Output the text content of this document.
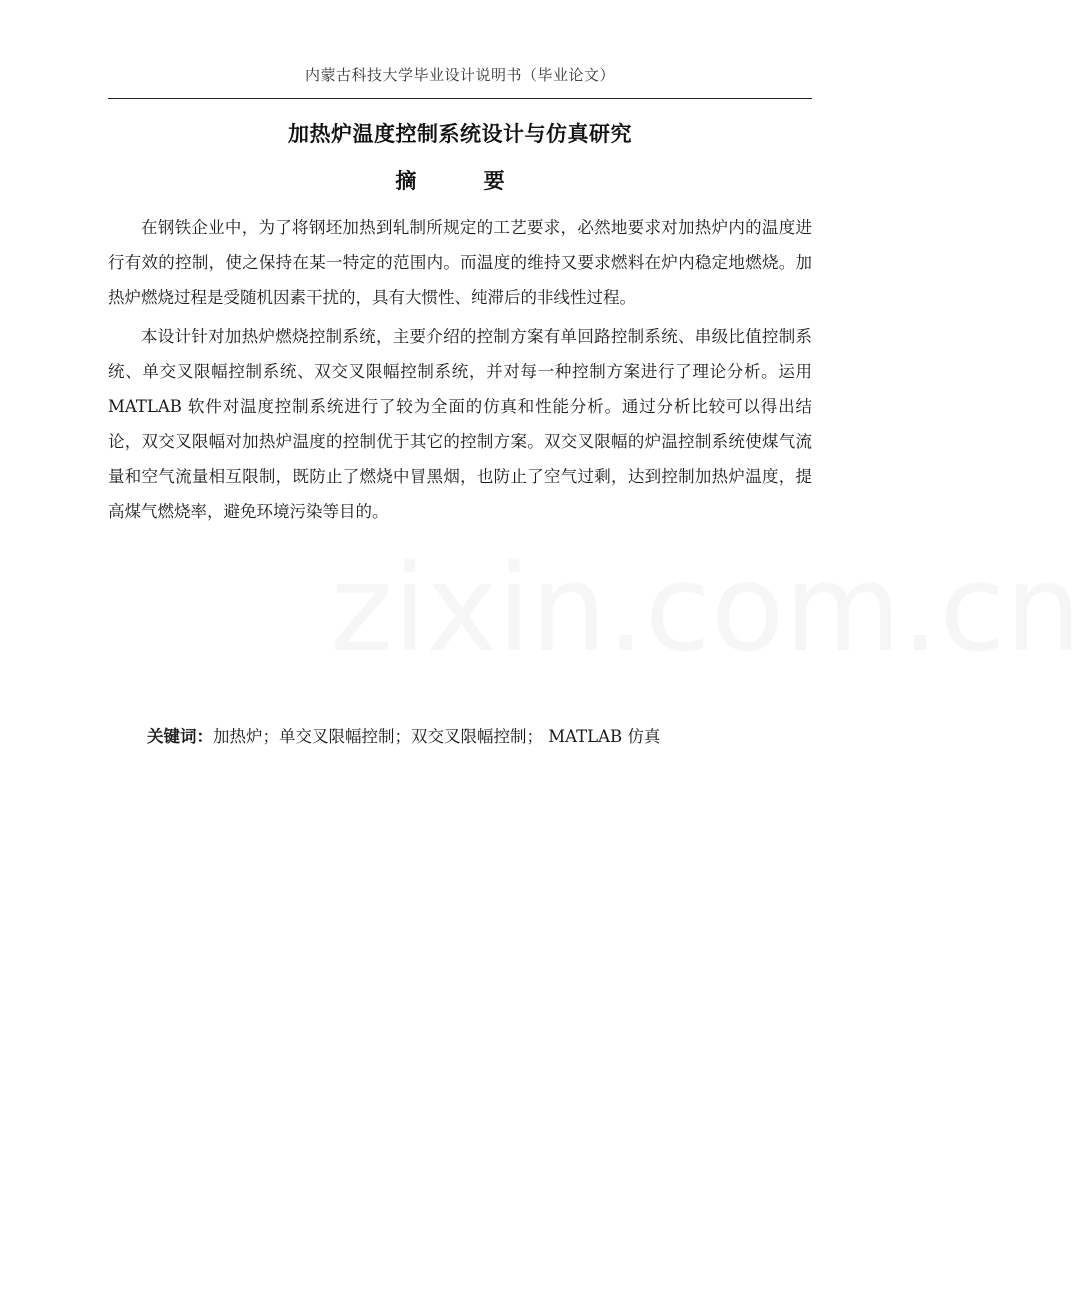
内蒙古科技大学毕业设计说明书（毕业论文）
加热炉温度控制系统设计与仿真研究
摘 要

在钢铁企业中，为了将钢坯加热到轧制所规定的工艺要求，必然地要求对加热炉内的温度进行有效的控制，使之保持在某一特定的范围内。而温度的维持又要求燃料在炉内稳定地燃烧。加热炉燃烧过程是受随机因素干扰的，具有大惯性、纯滞后的非线性过程。

本设计针对加热炉燃烧控制系统，主要介绍的控制方案有单回路控制系统、串级比值控制系统、单交叉限幅控制系统、双交叉限幅控制系统，并对每一种控制方案进行了理论分析。运用 MATLAB 软件对温度控制系统进行了较为全面的仿真和性能分析。通过分析比较可以得出结论，双交叉限幅对加热炉温度的控制优于其它的控制方案。双交叉限幅的炉温控制系统使煤气流量和空气流量相互限制，既防止了燃烧中冒黑烟，也防止了空气过剩，达到控制加热炉温度，提高煤气燃烧率，避免环境污染等目的。

关键词：加热炉；单交叉限幅控制；双交叉限幅控制； MATLAB 仿真
zixin.com.cn
